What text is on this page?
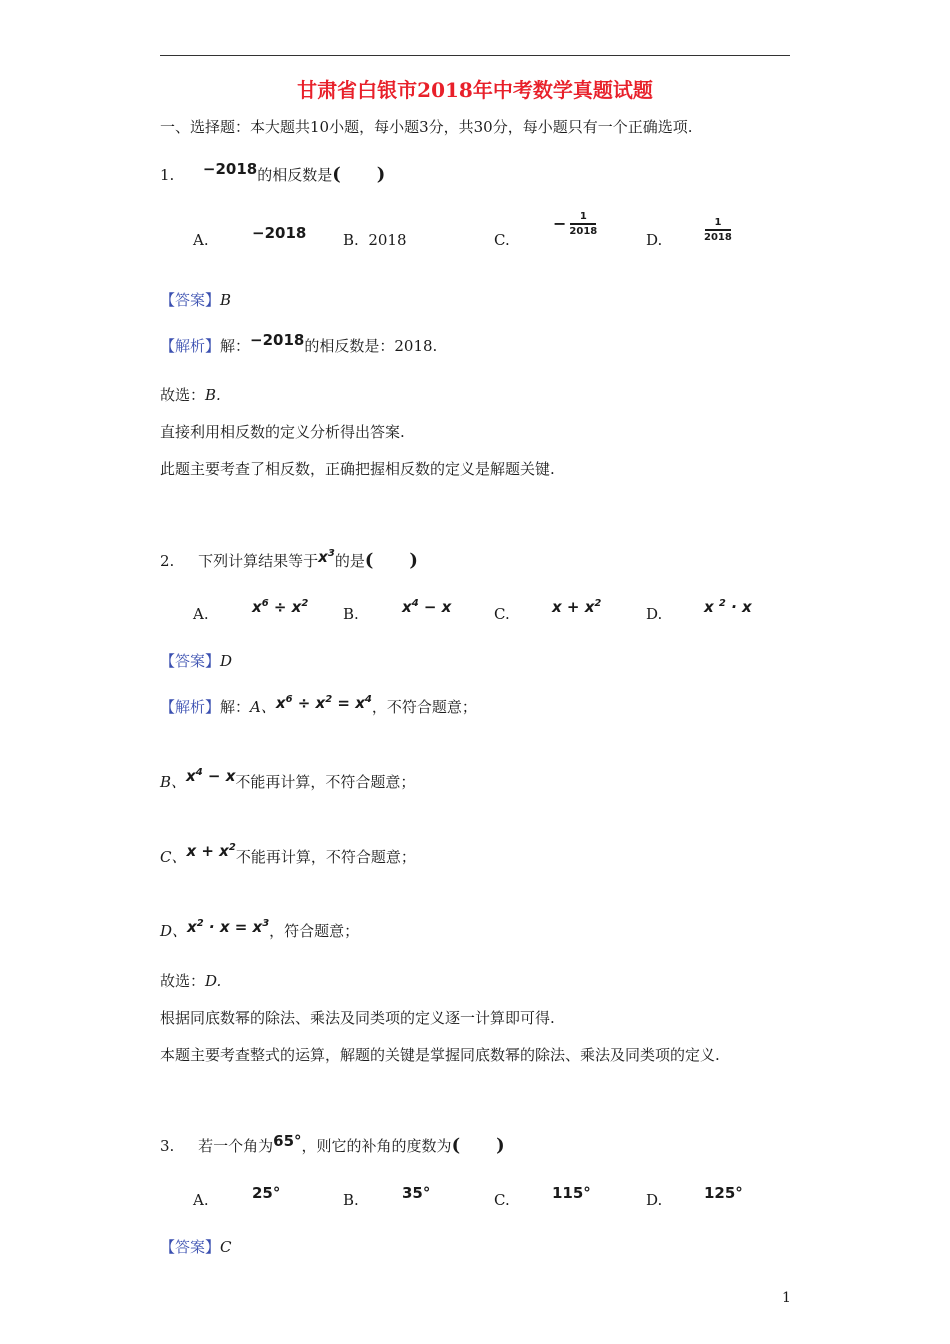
甘肃省白银市2018年中考数学真题试题
一、选择题：本大题共10小题，每小题3分，共30分，每小题只有一个正确选项.
1. −2018的相反数是(　　)
A.	−2018 B. 2018	C.
− $\frac{1}{2018}$
D.	$\frac{1}{2018}$
【答案】B
【解析】解：−2018的相反数是：2018.
故选：B.
直接利用相反数的定义分析得出答案.
此题主要考查了相反数，正确把握相反数的定义是解题关键.
2. 下列计算结果等于$x^3$的是(　　)
A.	$x^6 \div x^2$
B.	$x^4 - x$	C.	$x + x^2$
D.	x $^2$ · x
【答案】D
【解析】解：A、$x^6 \div x^2 = x^4$，不符合题意；
B、$x^4 - x$不能再计算，不符合题意；
C、$x + x^2$不能再计算，不符合题意；
D、$x^2 \cdot x = x^3$，符合题意；
故选：D.
根据同底数幂的除法、乘法及同类项的定义逐一计算即可得.
本题主要考查整式的运算，解题的关键是掌握同底数幂的除法、乘法及同类项的定义.
3. 若一个角为65°，则它的补角的度数为(　　)
A.	25°	B.	35°	C.	115°	D.	125°
【答案】C
1
